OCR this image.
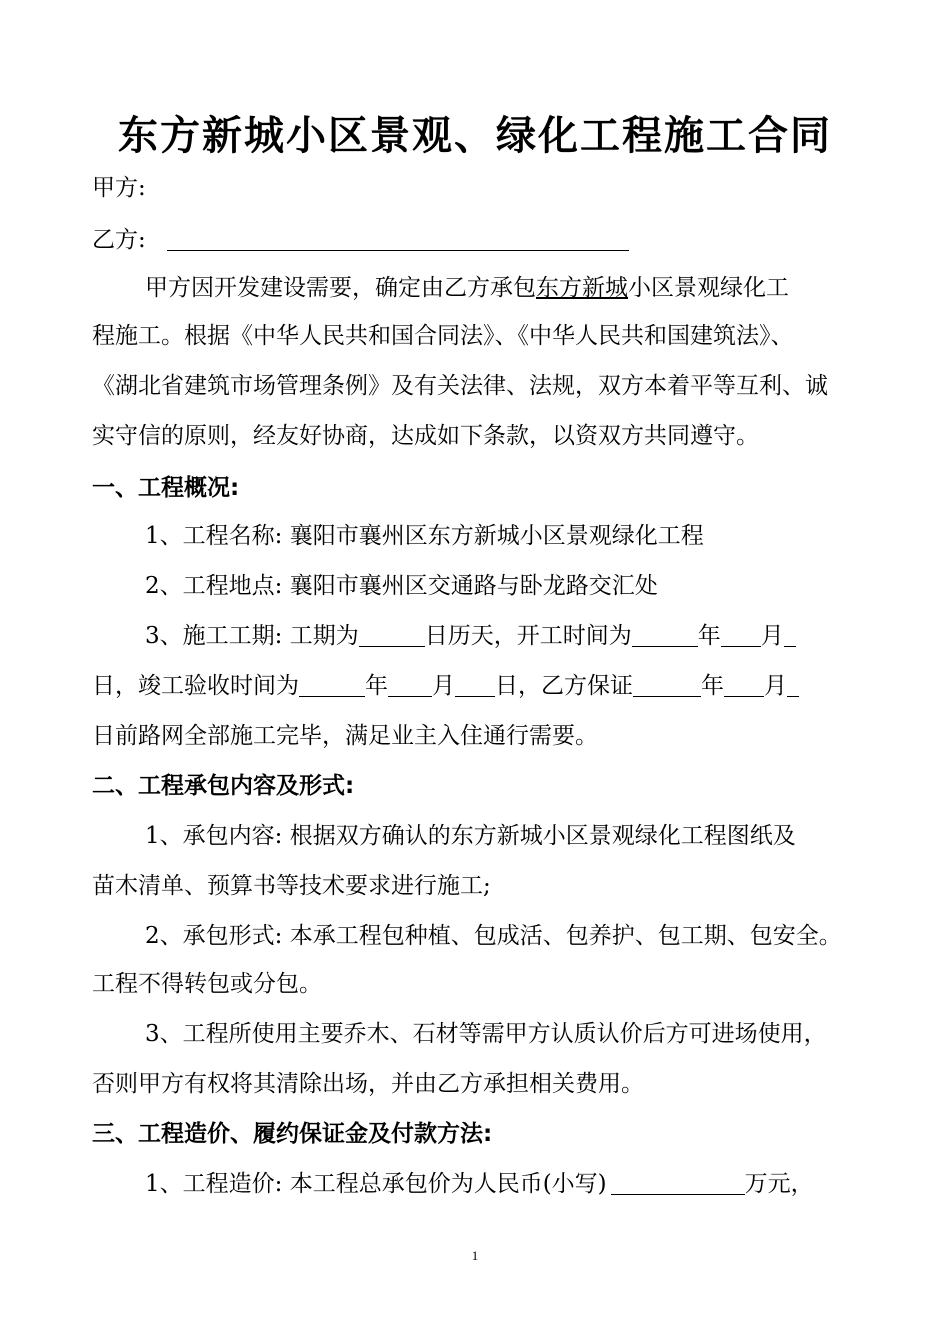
东方新城小区景观、绿化工程施工合同
甲方:
乙方:
甲方因开发建设需要，确定由乙方承包东方新城小区景观绿化工
程施工。根据《中华人民共和国合同法》、《中华人民共和国建筑法》、
《湖北省建筑市场管理条例》及有关法律、法规，双方本着平等互利、诚
实守信的原则，经友好协商，达成如下条款，以资双方共同遵守。
一、工程概况:
1、工程名称: 襄阳市襄州区东方新城小区景观绿化工程
2、工程地点: 襄阳市襄州区交通路与卧龙路交汇处
3、施工工期: 工期为	日历天，开工时间为	年 月
日，竣工验收时间为	年 月 日，乙方保证	年 月
日前路网全部施工完毕，满足业主入住通行需要。
二、工程承包内容及形式:
1、承包内容: 根据双方确认的东方新城小区景观绿化工程图纸及
苗木清单、预算书等技术要求进行施工;
2、承包形式: 本承工程包种植、包成活、包养护、包工期、包安全。
工程不得转包或分包。
3、工程所使用主要乔木、石材等需甲方认质认价后方可进场使用，
否则甲方有权将其清除出场，并由乙方承担相关费用。
三、工程造价、履约保证金及付款方法:
1、工程造价: 本工程总承包价为人民币(小写)	万元，
1
